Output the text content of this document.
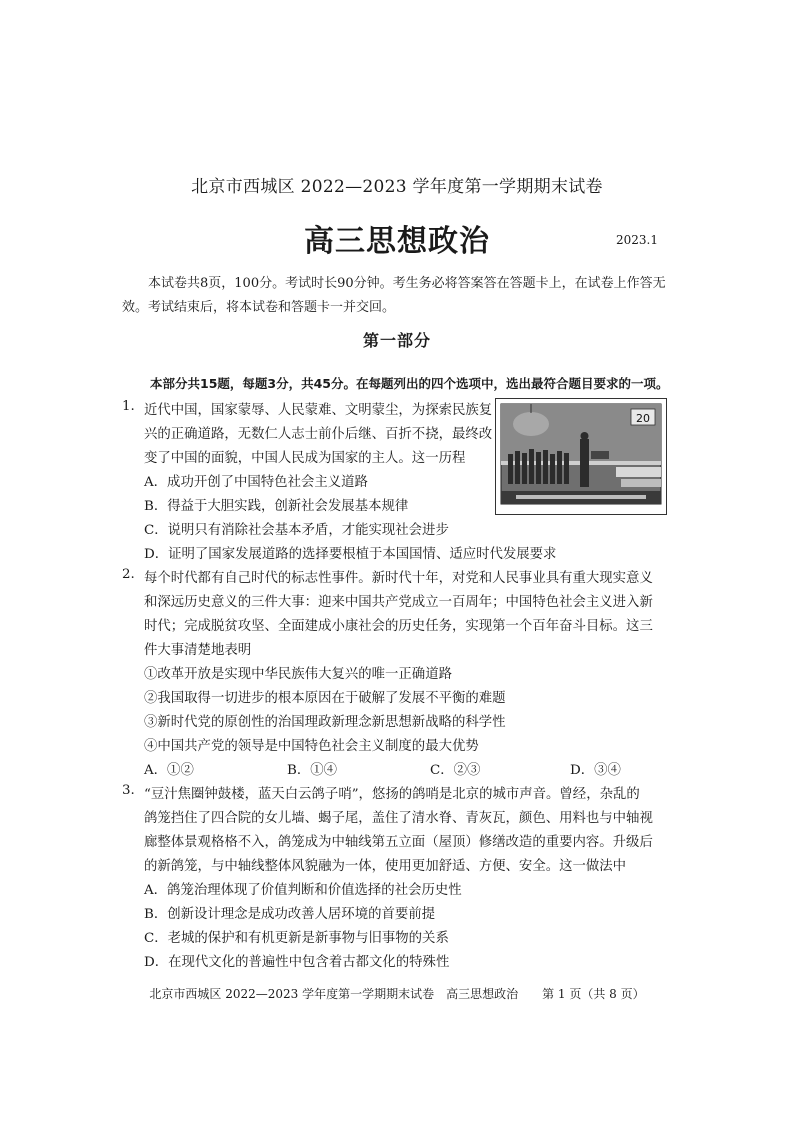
北京市西城区 2022—2023 学年度第一学期期末试卷
高三思想政治	2023.1
本试卷共8页，100分。考试时长90分钟。考生务必将答案答在答题卡上，在试卷上作答无效。考试结束后，将本试卷和答题卡一并交回。
第一部分
本部分共15题，每题3分，共45分。在每题列出的四个选项中，选出最符合题目要求的一项。
1. 近代中国，国家蒙辱、人民蒙难、文明蒙尘，为探索民族复
兴的正确道路，无数仁人志士前仆后继、百折不挠，最终改
变了中国的面貌，中国人民成为国家的主人。这一历程
A．成功开创了中国特色社会主义道路
B．得益于大胆实践，创新社会发展基本规律
C．说明只有消除社会基本矛盾，才能实现社会进步
D．证明了国家发展道路的选择要根植于本国国情、适应时代发展要求
20
2. 每个时代都有自己时代的标志性事件。新时代十年，对党和人民事业具有重大现实意义
和深远历史意义的三件大事：迎来中国共产党成立一百周年；中国特色社会主义进入新
时代；完成脱贫攻坚、全面建成小康社会的历史任务，实现第一个百年奋斗目标。这三
件大事清楚地表明
①改革开放是实现中华民族伟大复兴的唯一正确道路
②我国取得一切进步的根本原因在于破解了发展不平衡的难题
③新时代党的原创性的治国理政新理念新思想新战略的科学性
④中国共产党的领导是中国特色社会主义制度的最大优势
A．①②	B．①④	C．②③	D．③④
3. “豆汁焦圈钟鼓楼，蓝天白云鸽子哨”，悠扬的鸽哨是北京的城市声音。曾经，杂乱的
鸽笼挡住了四合院的女儿墙、蝎子尾，盖住了清水脊、青灰瓦，颜色、用料也与中轴视
廊整体景观格格不入，鸽笼成为中轴线第五立面（屋顶）修缮改造的重要内容。升级后
的新鸽笼，与中轴线整体风貌融为一体，使用更加舒适、方便、安全。这一做法中
A．鸽笼治理体现了价值判断和价值选择的社会历史性
B．创新设计理念是成功改善人居环境的首要前提
C．老城的保护和有机更新是新事物与旧事物的关系
D．在现代文化的普遍性中包含着古都文化的特殊性
北京市西城区 2022—2023 学年度第一学期期末试卷　高三思想政治　　第 1 页（共 8 页）
